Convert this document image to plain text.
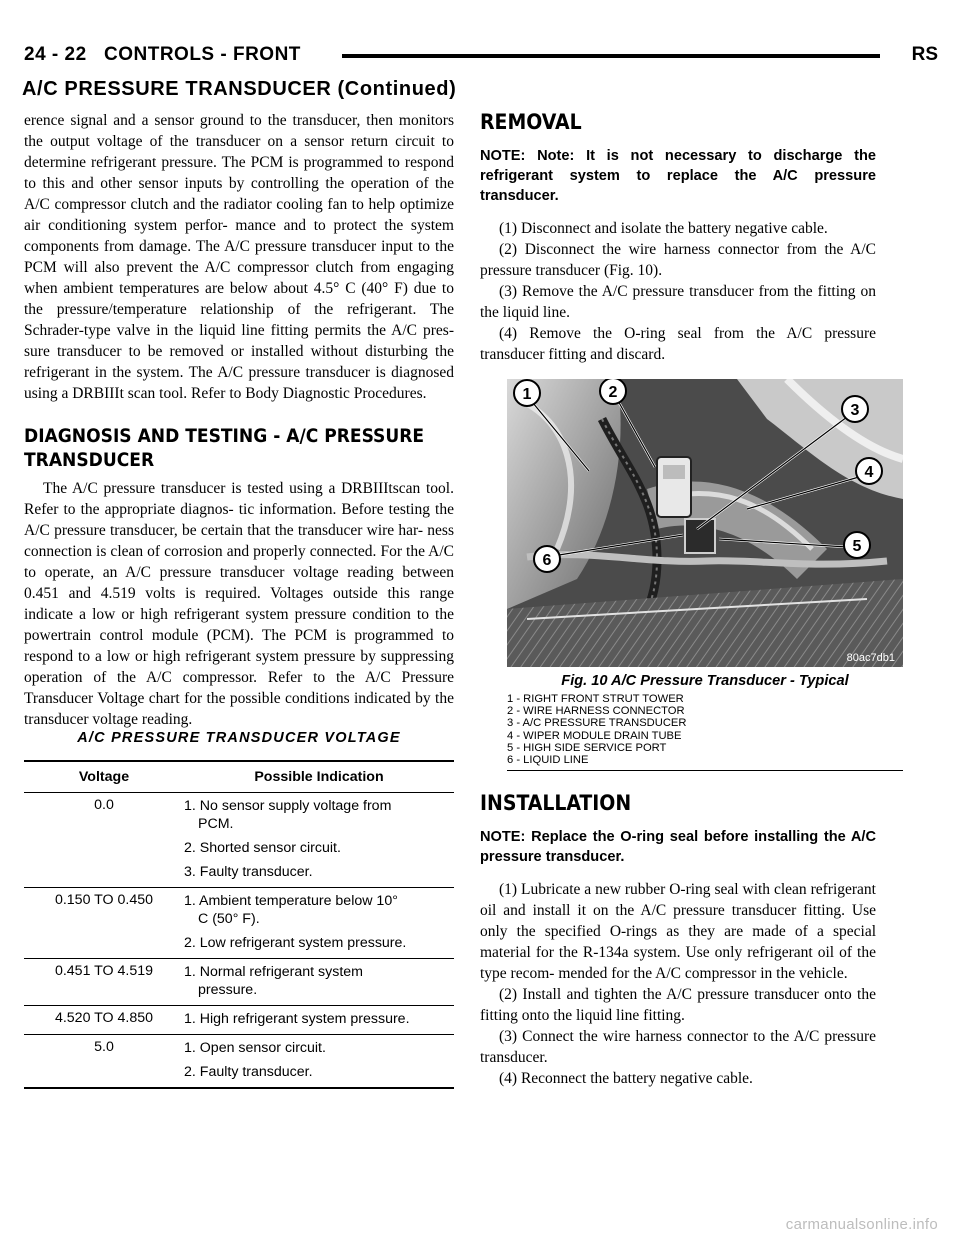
24 - 22   CONTROLS - FRONT	RS
A/C PRESSURE TRANSDUCER (Continued)

erence signal and a sensor ground to the transducer, then monitors the output voltage of the transducer on a sensor return circuit to determine refrigerant pressure. The PCM is programmed to respond to this and other sensor inputs by controlling the operation of the A/C compressor clutch and the radiator cooling fan to help optimize air conditioning system perfor- mance and to protect the system components from damage. The A/C pressure transducer input to the PCM will also prevent the A/C compressor clutch from engaging when ambient temperatures are below about 4.5° C (40° F) due to the pressure/temperature relationship of the refrigerant. The Schrader-type valve in the liquid line fitting permits the A/C pres- sure transducer to be removed or installed without disturbing the refrigerant in the system. The A/C pressure transducer is diagnosed using a DRBIIIt scan tool. Refer to Body Diagnostic Procedures.

DIAGNOSIS AND TESTING - A/C PRESSURE TRANSDUCER

The A/C pressure transducer is tested using a DRBIIItscan tool. Refer to the appropriate diagnos- tic information. Before testing the A/C pressure transducer, be certain that the transducer wire har- ness connection is clean of corrosion and properly connected. For the A/C to operate, an A/C pressure transducer voltage reading between 0.451 and 4.519 volts is required. Voltages outside this range indicate a low or high refrigerant system pressure condition to the powertrain control module (PCM). The PCM is programmed to respond to a low or high refrigerant system pressure by suppressing operation of the A/C compressor. Refer to the A/C Pressure Transducer Voltage chart for the possible conditions indicated by the transducer voltage reading.

A/C PRESSURE TRANSDUCER VOLTAGE
Voltage	Possible Indication
0.0	1. No sensor supply voltage from
PCM.
2. Shorted sensor circuit.
3. Faulty transducer.

0.150 TO 0.450	1. Ambient temperature below 10°
C (50° F).
2. Low refrigerant system pressure.

0.451 TO 4.519	1. Normal refrigerant system
pressure.

4.520 TO 4.850	1. High refrigerant system pressure.

5.0	1. Open sensor circuit.
2. Faulty transducer.
REMOVAL

NOTE: Note: It is not necessary to discharge the refrigerant system to replace the A/C pressure transducer.

(1) Disconnect and isolate the battery negative cable.

(2) Disconnect the wire harness connector from the A/C pressure transducer (Fig. 10).

(3) Remove the A/C pressure transducer from the fitting on the liquid line.

(4) Remove the O-ring seal from the A/C pressure transducer fitting and discard.

1	2
3
4
5
6
80ac7db1
Fig. 10 A/C Pressure Transducer - Typical
1 - RIGHT FRONT STRUT TOWER
2 - WIRE HARNESS CONNECTOR
3 - A/C PRESSURE TRANSDUCER
4 - WIPER MODULE DRAIN TUBE
5 - HIGH SIDE SERVICE PORT
6 - LIQUID LINE
INSTALLATION

NOTE: Replace the O-ring seal before installing the A/C pressure transducer.

(1) Lubricate a new rubber O-ring seal with clean refrigerant oil and install it on the A/C pressure transducer fitting. Use only the specified O-rings as they are made of a special material for the R-134a system. Use only refrigerant oil of the type recom- mended for the A/C compressor in the vehicle.

(2) Install and tighten the A/C pressure transducer onto the fitting onto the liquid line fitting.

(3) Connect the wire harness connector to the A/C pressure transducer.

(4) Reconnect the battery negative cable.

carmanualsonline.info
